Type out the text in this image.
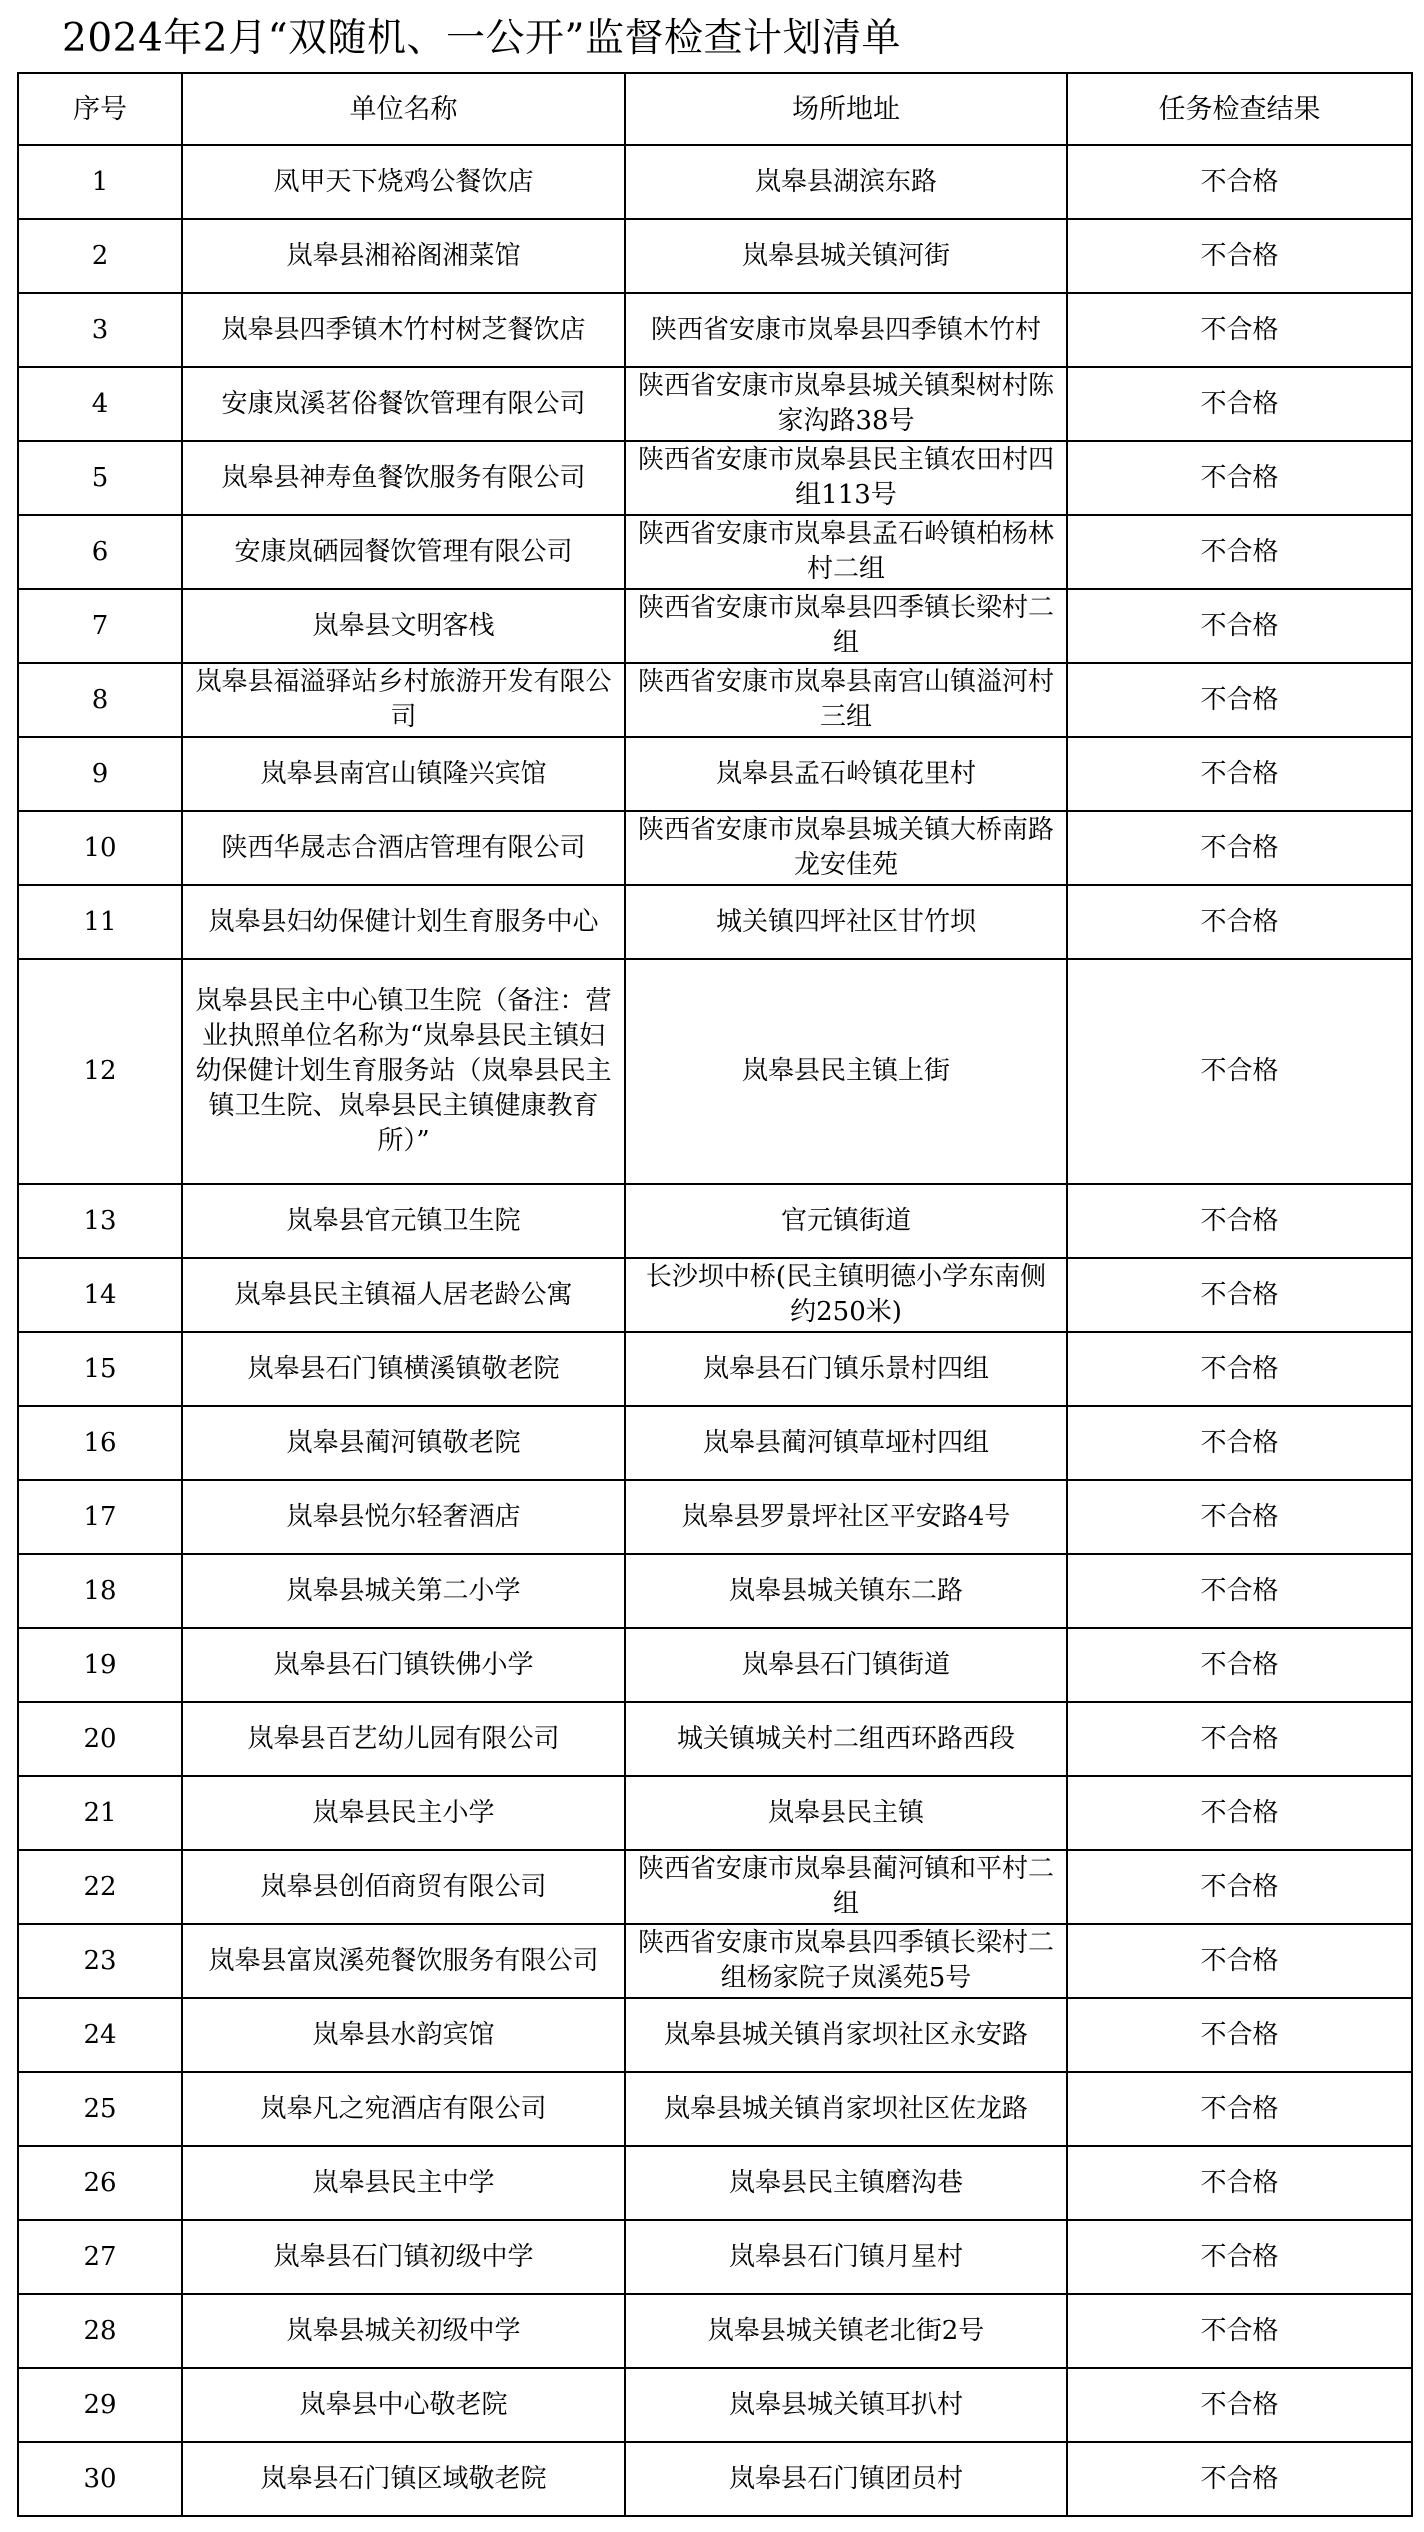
2024年2月“双随机、一公开”监督检查计划清单
序号	单位名称	场所地址	任务检查结果
1	凤甲天下烧鸡公餐饮店	岚皋县湖滨东路	不合格
2	岚皋县湘裕阁湘菜馆	岚皋县城关镇河街	不合格
3	岚皋县四季镇木竹村树芝餐饮店	陕西省安康市岚皋县四季镇木竹村	不合格
4	安康岚溪茗俗餐饮管理有限公司	陕西省安康市岚皋县城关镇梨树村陈家沟路38号	不合格
5	岚皋县神寿鱼餐饮服务有限公司	陕西省安康市岚皋县民主镇农田村四组113号	不合格
6	安康岚硒园餐饮管理有限公司	陕西省安康市岚皋县孟石岭镇柏杨林村二组	不合格
7	岚皋县文明客栈	陕西省安康市岚皋县四季镇长梁村二组	不合格
8	岚皋县福溢驿站乡村旅游开发有限公司	陕西省安康市岚皋县南宫山镇溢河村三组	不合格
9	岚皋县南宫山镇隆兴宾馆	岚皋县孟石岭镇花里村	不合格
10	陕西华晟志合酒店管理有限公司	陕西省安康市岚皋县城关镇大桥南路龙安佳苑	不合格
11	岚皋县妇幼保健计划生育服务中心	城关镇四坪社区甘竹坝	不合格
12	岚皋县民主中心镇卫生院（备注：营业执照单位名称为“岚皋县民主镇妇幼保健计划生育服务站（岚皋县民主镇卫生院、岚皋县民主镇健康教育所）”	岚皋县民主镇上街	不合格
13	岚皋县官元镇卫生院	官元镇街道	不合格
14	岚皋县民主镇福人居老龄公寓	长沙坝中桥(民主镇明德小学东南侧约250米)	不合格
15	岚皋县石门镇横溪镇敬老院	岚皋县石门镇乐景村四组	不合格
16	岚皋县蔺河镇敬老院	岚皋县蔺河镇草垭村四组	不合格
17	岚皋县悦尔轻奢酒店	岚皋县罗景坪社区平安路4号	不合格
18	岚皋县城关第二小学	岚皋县城关镇东二路	不合格
19	岚皋县石门镇铁佛小学	岚皋县石门镇街道	不合格
20	岚皋县百艺幼儿园有限公司	城关镇城关村二组西环路西段	不合格
21	岚皋县民主小学	岚皋县民主镇	不合格
22	岚皋县创佰商贸有限公司	陕西省安康市岚皋县蔺河镇和平村二组	不合格
23	岚皋县富岚溪苑餐饮服务有限公司	陕西省安康市岚皋县四季镇长梁村二组杨家院子岚溪苑5号	不合格
24	岚皋县水韵宾馆	岚皋县城关镇肖家坝社区永安路	不合格
25	岚皋凡之宛酒店有限公司	岚皋县城关镇肖家坝社区佐龙路	不合格
26	岚皋县民主中学	岚皋县民主镇磨沟巷	不合格
27	岚皋县石门镇初级中学	岚皋县石门镇月星村	不合格
28	岚皋县城关初级中学	岚皋县城关镇老北街2号	不合格
29	岚皋县中心敬老院	岚皋县城关镇耳扒村	不合格
30	岚皋县石门镇区域敬老院	岚皋县石门镇团员村	不合格
